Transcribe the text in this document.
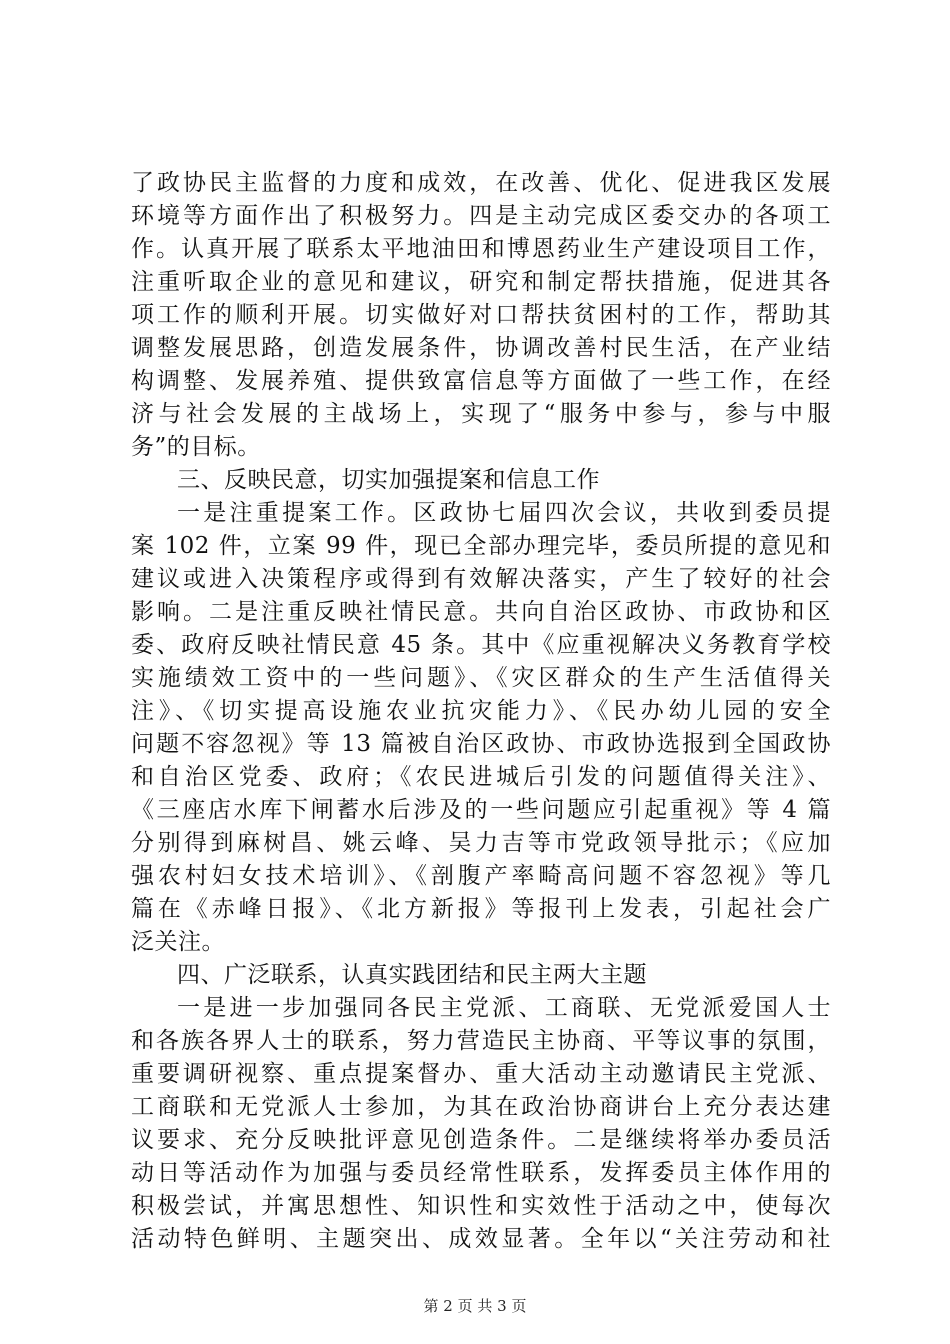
了政协民主监督的力度和成效，在改善、优化、促进我区发展
环境等方面作出了积极努力。四是主动完成区委交办的各项工
作。认真开展了联系太平地油田和博恩药业生产建设项目工作，
注重听取企业的意见和建议，研究和制定帮扶措施，促进其各
项工作的顺利开展。切实做好对口帮扶贫困村的工作，帮助其
调整发展思路，创造发展条件，协调改善村民生活，在产业结
构调整、发展养殖、提供致富信息等方面做了一些工作，在经
济与社会发展的主战场上，实现了“服务中参与，参与中服
务”的目标。
三、反映民意，切实加强提案和信息工作
一是注重提案工作。区政协七届四次会议，共收到委员提
案 102 件，立案 99 件，现已全部办理完毕，委员所提的意见和
建议或进入决策程序或得到有效解决落实，产生了较好的社会
影响。二是注重反映社情民意。共向自治区政协、市政协和区
委、政府反映社情民意 45 条。其中《应重视解决义务教育学校
实施绩效工资中的一些问题》、《灾区群众的生产生活值得关
注》、《切实提高设施农业抗灾能力》、《民办幼儿园的安全
问题不容忽视》等 13 篇被自治区政协、市政协选报到全国政协
和自治区党委、政府；《农民进城后引发的问题值得关注》、
《三座店水库下闸蓄水后涉及的一些问题应引起重视》等 4 篇
分别得到麻树昌、姚云峰、吴力吉等市党政领导批示；《应加
强农村妇女技术培训》、《剖腹产率畸高问题不容忽视》等几
篇在《赤峰日报》、《北方新报》等报刊上发表，引起社会广
泛关注。
四、广泛联系，认真实践团结和民主两大主题
一是进一步加强同各民主党派、工商联、无党派爱国人士
和各族各界人士的联系，努力营造民主协商、平等议事的氛围，
重要调研视察、重点提案督办、重大活动主动邀请民主党派、
工商联和无党派人士参加，为其在政治协商讲台上充分表达建
议要求、充分反映批评意见创造条件。二是继续将举办委员活
动日等活动作为加强与委员经常性联系，发挥委员主体作用的
积极尝试，并寓思想性、知识性和实效性于活动之中，使每次
活动特色鲜明、主题突出、成效显著。全年以“关注劳动和社
第 2 页 共 3 页
